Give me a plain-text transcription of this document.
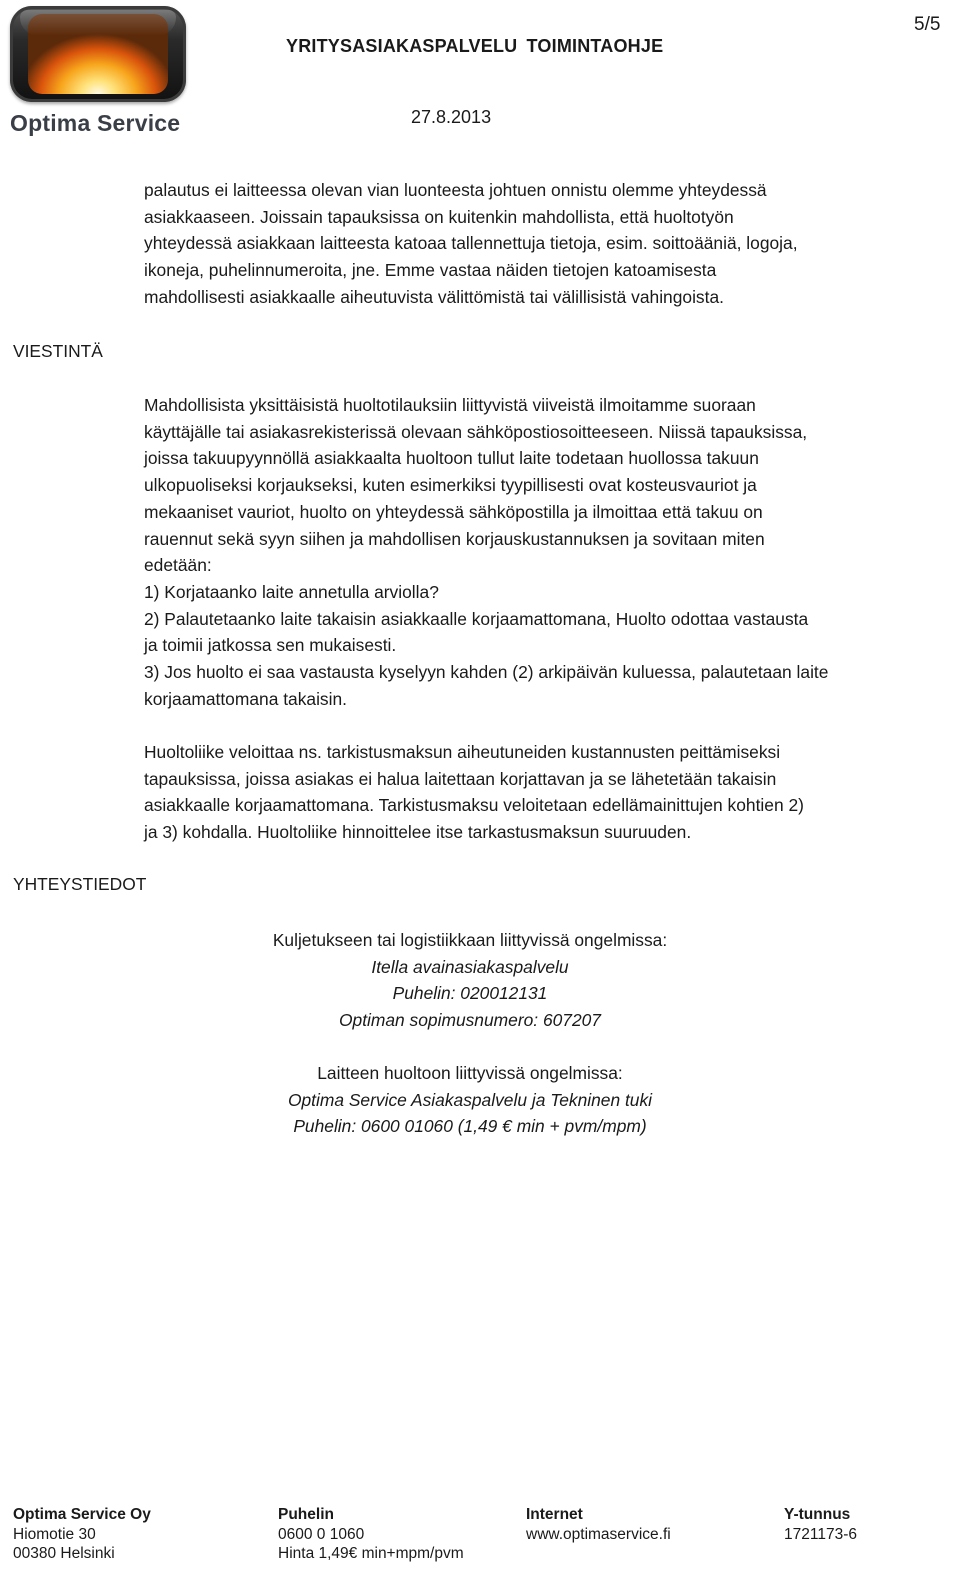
Optima Service
YRITYSASIAKASPALVELU TOIMINTAOHJE
27.8.2013
5/5

palautus ei laitteessa olevan vian luonteesta johtuen onnistu olemme yhteydessä

asiakkaaseen. Joissain tapauksissa on kuitenkin mahdollista, että huoltotyön

yhteydessä asiakkaan laitteesta katoaa tallennettuja tietoja, esim. soittoääniä, logoja,

ikoneja, puhelinnumeroita, jne. Emme vastaa näiden tietojen katoamisesta

mahdollisesti asiakkaalle aiheutuvista välittömistä tai välillisistä vahingoista.

VIESTINTÄ

Mahdollisista yksittäisistä huoltotilauksiin liittyvistä viiveistä ilmoitamme suoraan

käyttäjälle tai asiakasrekisterissä olevaan sähköpostiosoitteeseen. Niissä tapauksissa,

joissa takuupyynnöllä asiakkaalta huoltoon tullut laite todetaan huollossa takuun

ulkopuoliseksi korjaukseksi, kuten esimerkiksi tyypillisesti ovat kosteusvauriot ja

mekaaniset vauriot, huolto on yhteydessä sähköpostilla ja ilmoittaa että takuu on

rauennut sekä syyn siihen ja mahdollisen korjauskustannuksen ja sovitaan miten

edetään:

1) Korjataanko laite annetulla arviolla?

2) Palautetaanko laite takaisin asiakkaalle korjaamattomana, Huolto odottaa vastausta

ja toimii jatkossa sen mukaisesti.

3) Jos huolto ei saa vastausta kyselyyn kahden (2) arkipäivän kuluessa, palautetaan laite

korjaamattomana takaisin.

Huoltoliike veloittaa ns. tarkistusmaksun aiheutuneiden kustannusten peittämiseksi

tapauksissa, joissa asiakas ei halua laitettaan korjattavan ja se lähetetään takaisin

asiakkaalle korjaamattomana. Tarkistusmaksu veloitetaan edellämainittujen kohtien 2)

ja 3) kohdalla. Huoltoliike hinnoittelee itse tarkastusmaksun suuruuden.

YHTEYSTIEDOT
Kuljetukseen tai logistiikkaan liittyvissä ongelmissa:
Itella avainasiakaspalvelu
Puhelin: 020012131
Optiman sopimusnumero: 607207
Laitteen huoltoon liittyvissä ongelmissa:
Optima Service Asiakaspalvelu ja Tekninen tuki
Puhelin: 0600 01060 (1,49 € min + pvm/mpm)
Optima Service Oy
Hiomotie 30
00380 Helsinki
Puhelin
0600 0 1060
Hinta 1,49€ min+mpm/pvm
Internet
www.optimaservice.fi
Y-tunnus
1721173-6
